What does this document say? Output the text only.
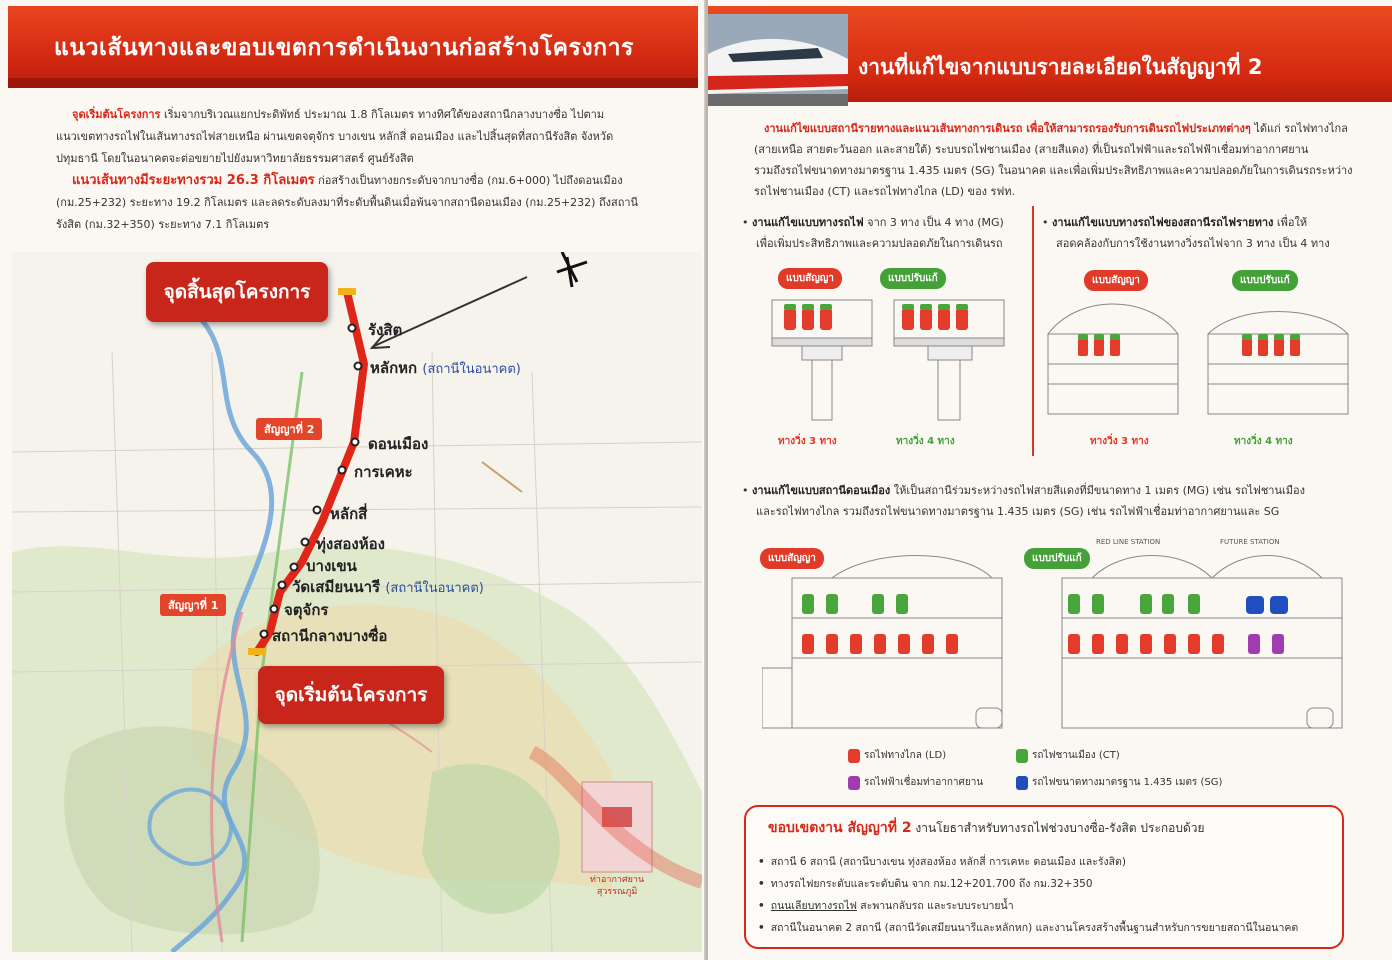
แนวเส้นทางและขอบเขตการดำเนินงานก่อสร้างโครงการ
จุดเริ่มต้นโครงการ เริ่มจากบริเวณแยกประดิพัทธ์ ประมาณ 1.8 กิโลเมตร ทางทิศใต้ของสถานีกลางบางซื่อ ไปตาม
แนวเขตทางรถไฟในเส้นทางรถไฟสายเหนือ ผ่านเขตจตุจักร บางเขน หลักสี่ ดอนเมือง และไปสิ้นสุดที่สถานีรังสิต จังหวัด
ปทุมธานี โดยในอนาคตจะต่อขยายไปยังมหาวิทยาลัยธรรมศาสตร์ ศูนย์รังสิต
แนวเส้นทางมีระยะทางรวม 26.3 กิโลเมตร ก่อสร้างเป็นทางยกระดับจากบางซื่อ (กม.6+000) ไปถึงดอนเมือง
(กม.25+232) ระยะทาง 19.2 กิโลเมตร และลดระดับลงมาที่ระดับพื้นดินเมื่อพ้นจากสถานีดอนเมือง (กม.25+232) ถึงสถานี
รังสิต (กม.32+350) ระยะทาง 7.1 กิโลเมตร
จุดสิ้นสุดโครงการ
จุดเริ่มต้นโครงการ
สัญญาที่ 2
สัญญาที่ 1
รังสิต
หลักหก (สถานีในอนาคต)
ดอนเมือง
การเคหะ
หลักสี่
ทุ่งสองห้อง
บางเขน
วัดเสมียนนารี (สถานีในอนาคต)
จตุจักร
สถานีกลางบางซื่อ
ท่าอากาศยาน
สุวรรณภูมิ
งานที่แก้ไขจากแบบรายละเอียดในสัญญาที่ 2
งานแก้ไขแบบสถานีรายทางและแนวเส้นทางการเดินรถ เพื่อให้สามารถรองรับการเดินรถไฟประเภทต่างๆ ได้แก่ รถไฟทางไกล
(สายเหนือ สายตะวันออก และสายใต้) ระบบรถไฟชานเมือง (สายสีแดง) ที่เป็นรถไฟฟ้าและรถไฟฟ้าเชื่อมท่าอากาศยาน
รวมถึงรถไฟขนาดทางมาตรฐาน 1.435 เมตร (SG) ในอนาคต และเพื่อเพิ่มประสิทธิภาพและความปลอดภัยในการเดินรถระหว่าง
รถไฟชานเมือง (CT) และรถไฟทางไกล (LD) ของ รฟท.
• งานแก้ไขแบบทางรถไฟ จาก 3 ทาง เป็น 4 ทาง (MG)
เพื่อเพิ่มประสิทธิภาพและความปลอดภัยในการเดินรถ
• งานแก้ไขแบบทางรถไฟของสถานีรถไฟรายทาง เพื่อให้
สอดคล้องกับการใช้งานทางวิ่งรถไฟจาก 3 ทาง เป็น 4 ทาง
แบบสัญญา	แบบปรับแก้
ทางวิ่ง 3 ทาง	ทางวิ่ง 4 ทาง
แบบสัญญา	แบบปรับแก้
ทางวิ่ง 3 ทาง	ทางวิ่ง 4 ทาง
• งานแก้ไขแบบสถานีดอนเมือง ให้เป็นสถานีร่วมระหว่างรถไฟสายสีแดงที่มีขนาดทาง 1 เมตร (MG) เช่น รถไฟชานเมือง
และรถไฟทางไกล รวมถึงรถไฟขนาดทางมาตรฐาน 1.435 เมตร (SG) เช่น รถไฟฟ้าเชื่อมท่าอากาศยานและ SG
แบบสัญญา	แบบปรับแก้
RED LINE STATION	FUTURE STATION
รถไฟทางไกล (LD)	รถไฟชานเมือง (CT)
รถไฟฟ้าเชื่อมท่าอากาศยาน	รถไฟขนาดทางมาตรฐาน 1.435 เมตร (SG)
ขอบเขตงาน สัญญาที่ 2 งานโยธาสำหรับทางรถไฟช่วงบางซื่อ-รังสิต ประกอบด้วย
• สถานี 6 สถานี (สถานีบางเขน ทุ่งสองห้อง หลักสี่ การเคหะ ดอนเมือง และรังสิต)
• ทางรถไฟยกระดับและระดับดิน จาก กม.12+201.700 ถึง กม.32+350
• ถนนเลียบทางรถไฟ สะพานกลับรถ และระบบระบายน้ำ
• สถานีในอนาคต 2 สถานี (สถานีวัดเสมียนนารีและหลักหก) และงานโครงสร้างพื้นฐานสำหรับการขยายสถานีในอนาคต
